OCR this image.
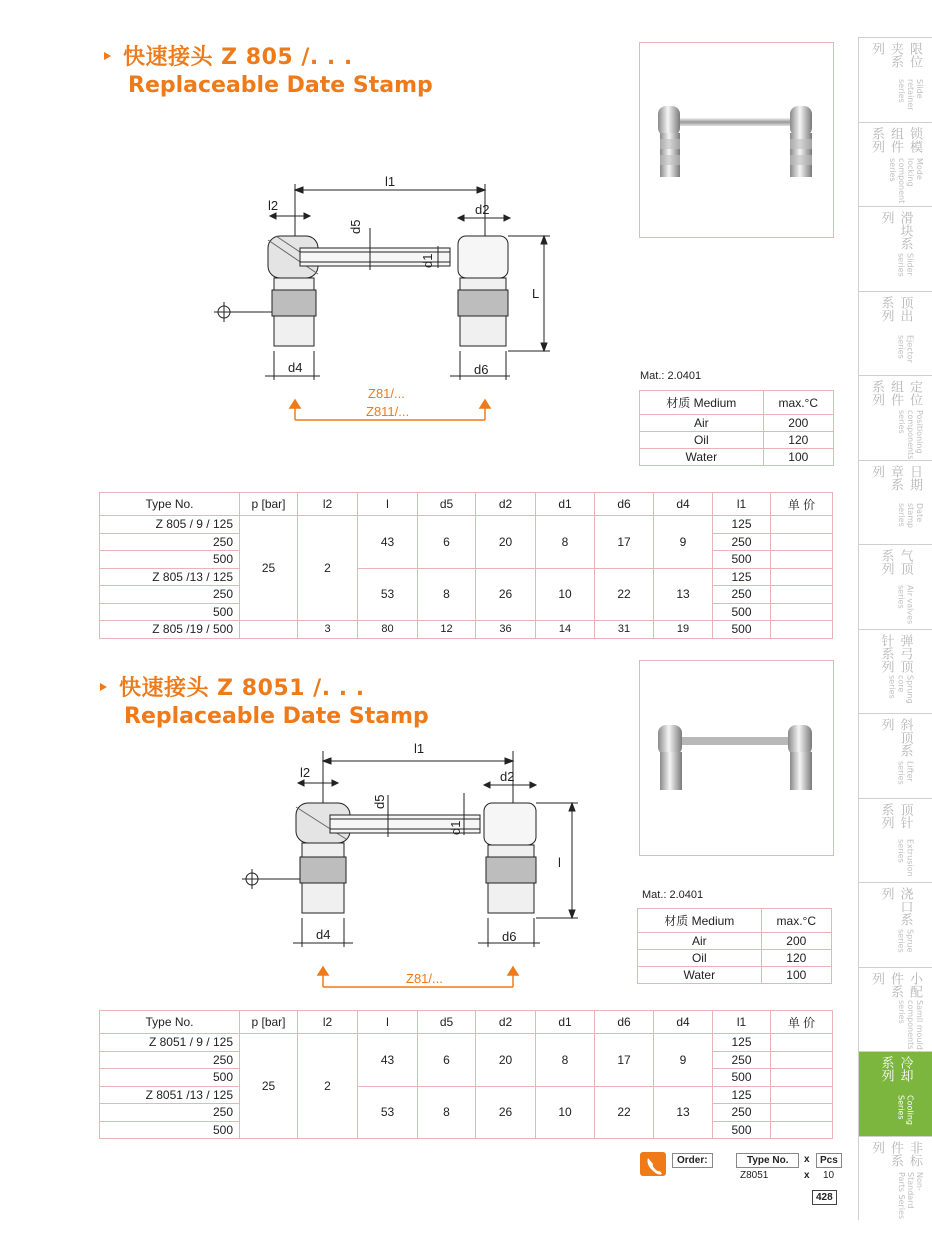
快速接头 Z 805 /. . .
Replaceable Date Stamp
l1
l2	d2
d5
d1
L
d4	d6
Z81/...
Z811/...
Mat.: 2.0401
材质 Medium	max.°C
Air	200
Oil	120
Water	100
Type No.	p [bar]	l2	l	d5	d2	d1	d6	d4	l1	单 价
Z 805 / 9 / 125	25	2	43	6	20	8	17	9	125	
250									250	
500									500	
Z 805 /13 / 125			53	8	26	10	22	13	125	
250									250	
500									500	
Z 805 /19 / 500		3	80	12	36	14	31	19	500	
快速接头 Z 8051 /. . .
Replaceable Date Stamp
l1
l2	d2
d5
d1
l
d4	d6
Z81/...
Mat.: 2.0401
材质 Medium	max.°C
Air	200
Oil	120
Water	100
Type No.	p [bar]	l2	l	d5	d2	d1	d6	d4	l1	单 价
Z 8051 / 9 / 125	25	2	43	6	20	8	17	9	125	
250									250	
500									500	
Z 8051 /13 / 125			53	8	26	10	22	13	125	
250									250	
500									500	
Order:	Type No.	x	Pcs
Z8051	x 10
428
限位夹系列
Slide retainer series
锁模组件系列
Mode locking component series
滑块系列
Slider series
顶出系列
Ejector series
定位组件系列
Positioning components series
日期章系列
Date stamp series
气顶系列
Air valves series
弹弓顶针系列
Sprung core series
斜顶系列
Lifter series
顶针系列
Extrusion series
浇口系列
Sprue series
小配件系列
Samll mould components series
冷却系列
Cooling Series
非标件系列
Non-Standard Parts Series
